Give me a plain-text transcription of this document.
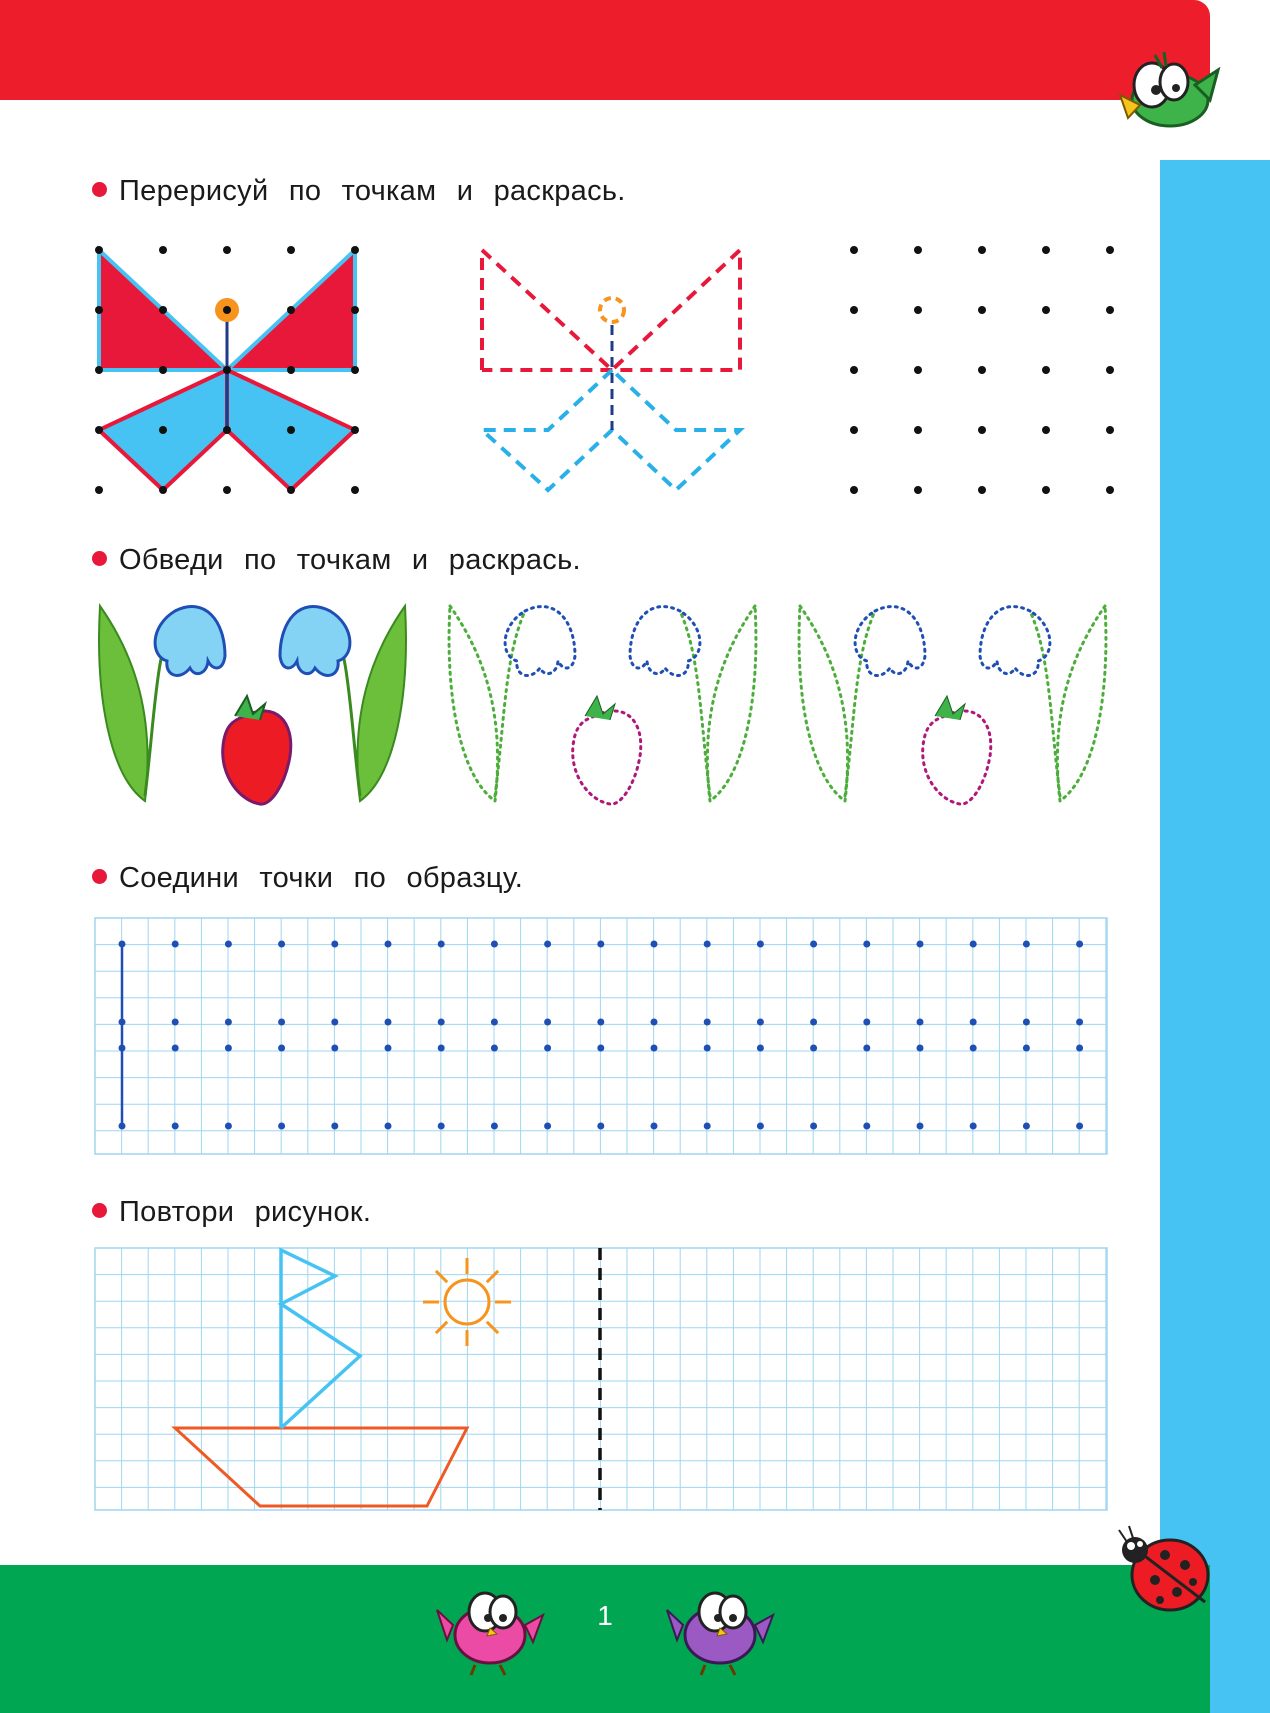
Перерисуй по точкам и раскрась.
Обведи по точкам и раскрась.
Соедини точки по образцу.
Повтори рисунок.
1
